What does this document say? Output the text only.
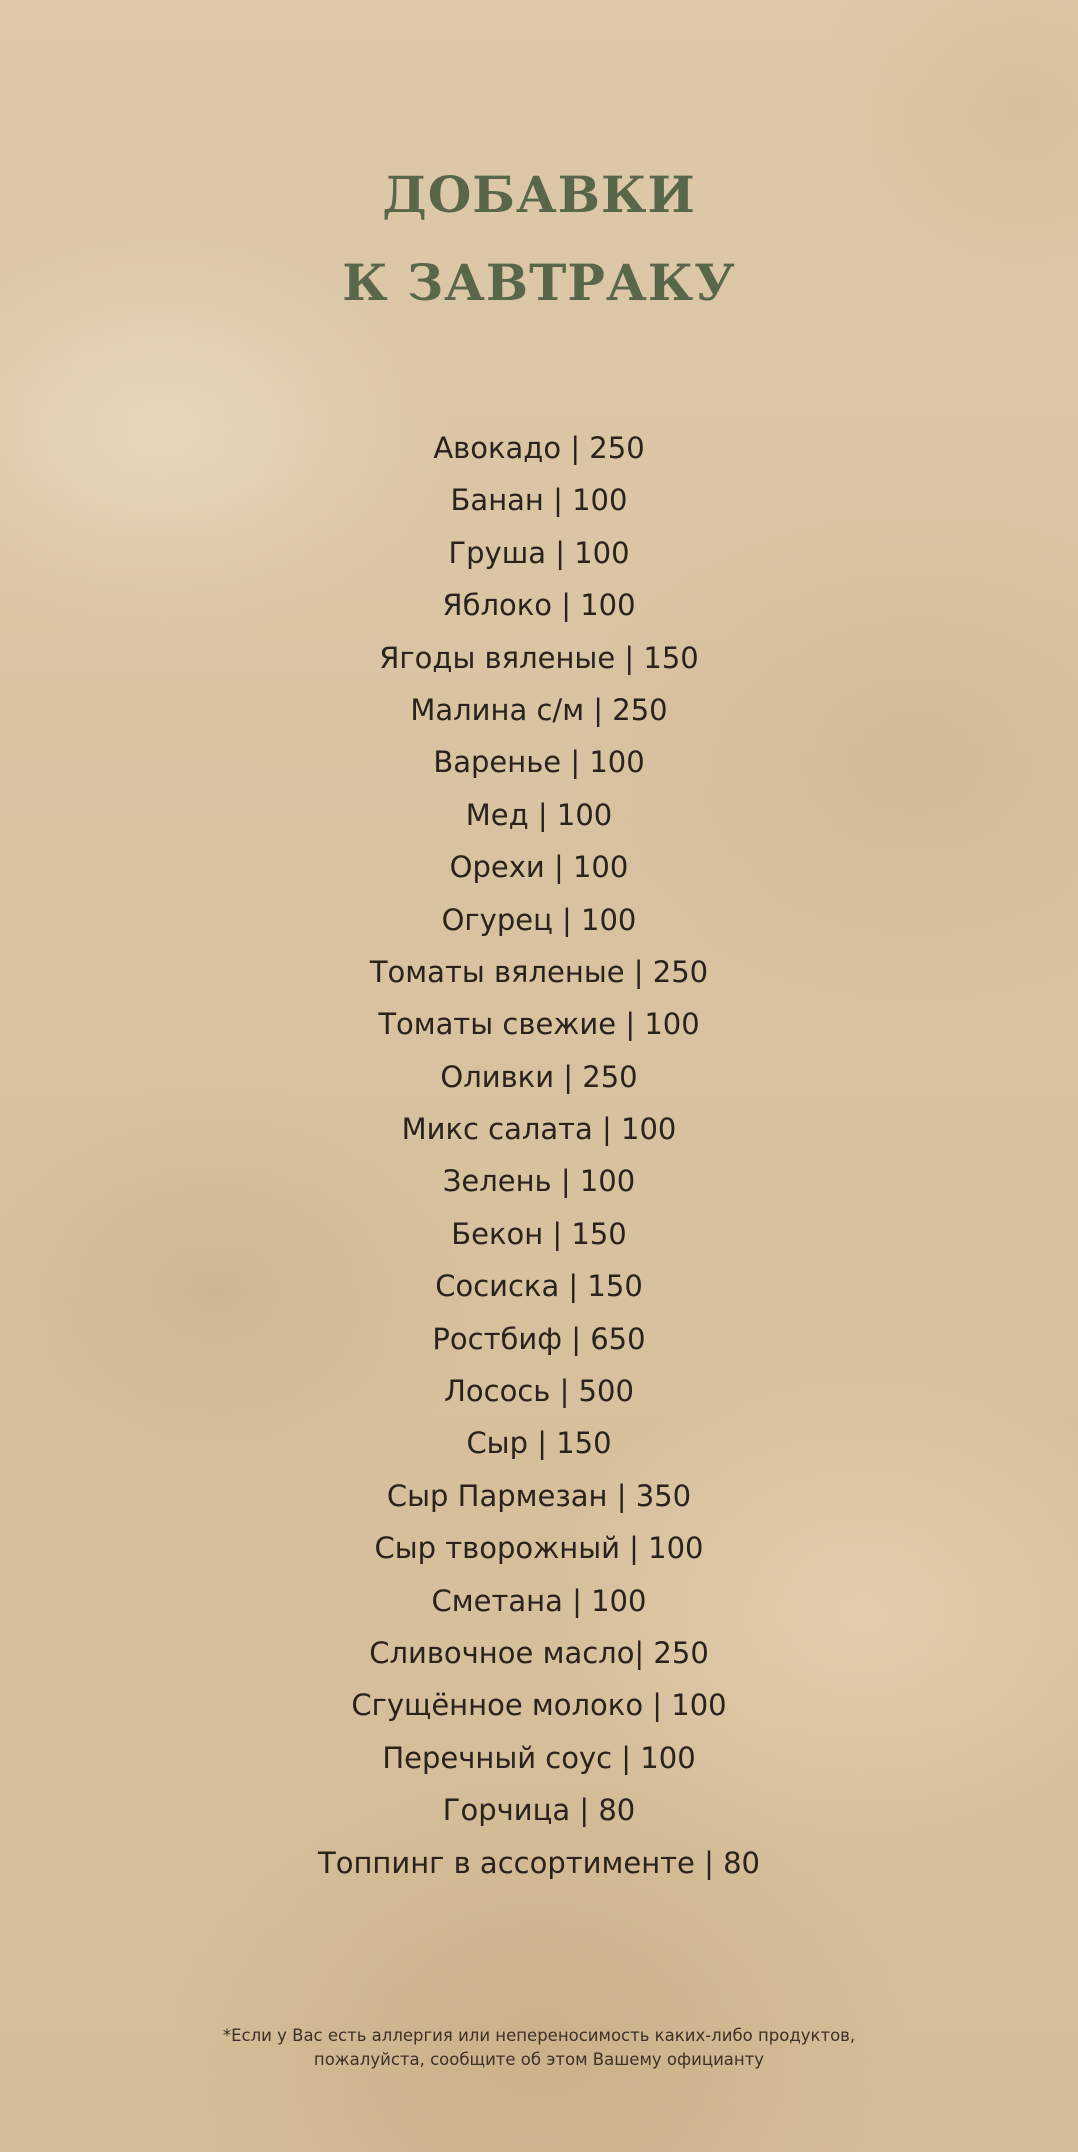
ДОБАВКИ
К ЗАВТРАКУ
Авокадо | 250
Банан | 100
Груша | 100
Яблоко | 100
Ягоды вяленые | 150
Малина с/м | 250
Варенье | 100
Мед | 100
Орехи | 100
Огурец | 100
Томаты вяленые | 250
Томаты свежие | 100
Оливки | 250
Микс салата | 100
Зелень | 100
Бекон | 150
Сосиска | 150
Ростбиф | 650
Лосось | 500
Сыр | 150
Сыр Пармезан | 350
Сыр творожный | 100
Сметана | 100
Сливочное масло| 250
Сгущённое молоко | 100
Перечный соус | 100
Горчица | 80
Топпинг в ассортименте | 80
*Если у Вас есть аллергия или непереносимость каких-либо продуктов,
пожалуйста, сообщите об этом Вашему официанту
